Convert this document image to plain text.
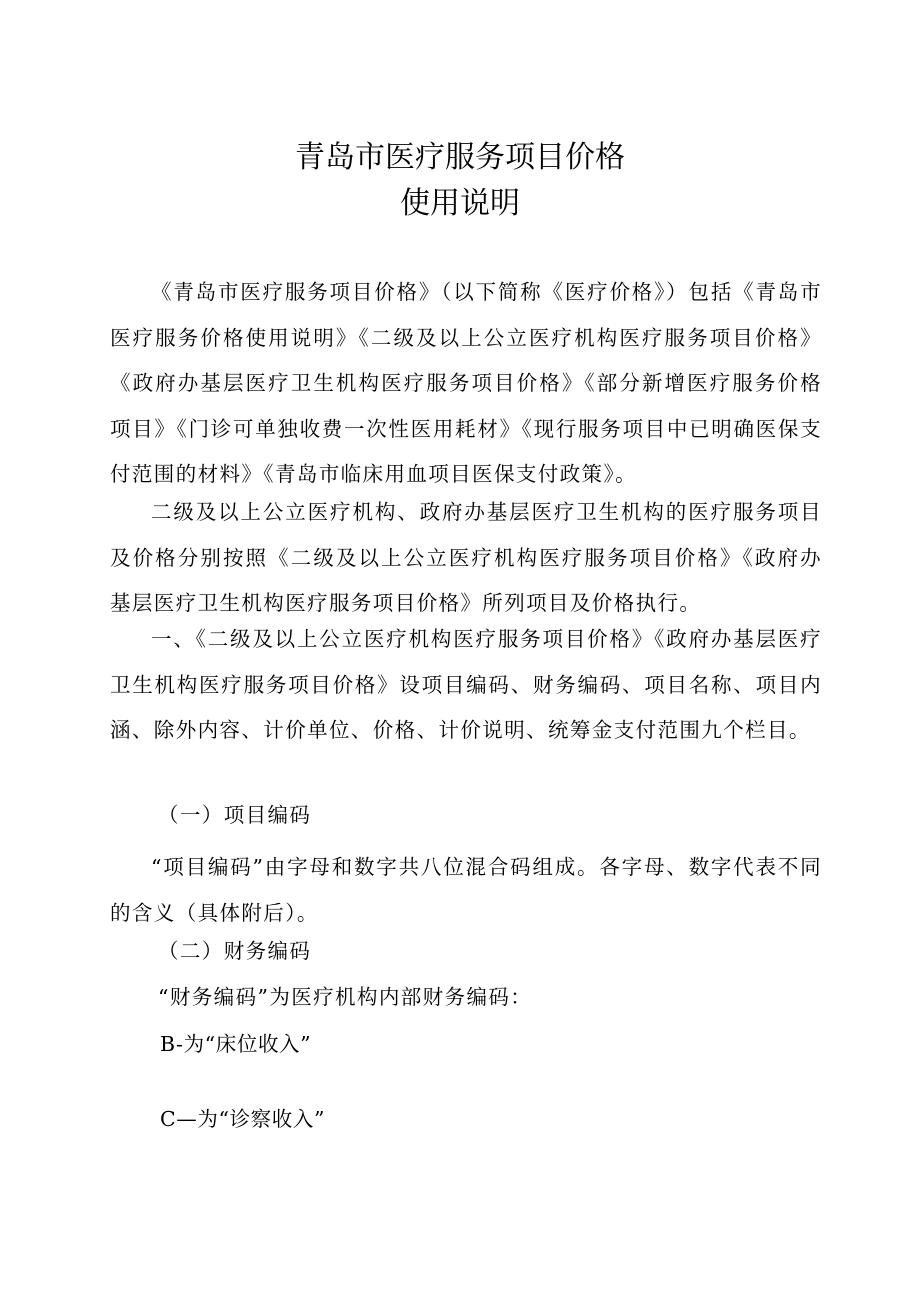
青岛市医疗服务项目价格
使用说明
《青岛市医疗服务项目价格》（以下简称《医疗价格》）包括《青岛市医疗服务价格使用说明》《二级及以上公立医疗机构医疗服务项目价格》《政府办基层医疗卫生机构医疗服务项目价格》《部分新增医疗服务价格项目》《门诊可单独收费一次性医用耗材》《现行服务项目中已明确医保支付范围的材料》《青岛市临床用血项目医保支付政策》。
二级及以上公立医疗机构、政府办基层医疗卫生机构的医疗服务项目及价格分别按照《二级及以上公立医疗机构医疗服务项目价格》《政府办基层医疗卫生机构医疗服务项目价格》所列项目及价格执行。
一、《二级及以上公立医疗机构医疗服务项目价格》《政府办基层医疗卫生机构医疗服务项目价格》设项目编码、财务编码、项目名称、项目内涵、除外内容、计价单位、价格、计价说明、统筹金支付范围九个栏目。
（一）项目编码
“项目编码”由字母和数字共八位混合码组成。各字母、数字代表不同的含义（具体附后）。
（二）财务编码
“财务编码”为医疗机构内部财务编码：
B-为“床位收入”
C—为“诊察收入”
